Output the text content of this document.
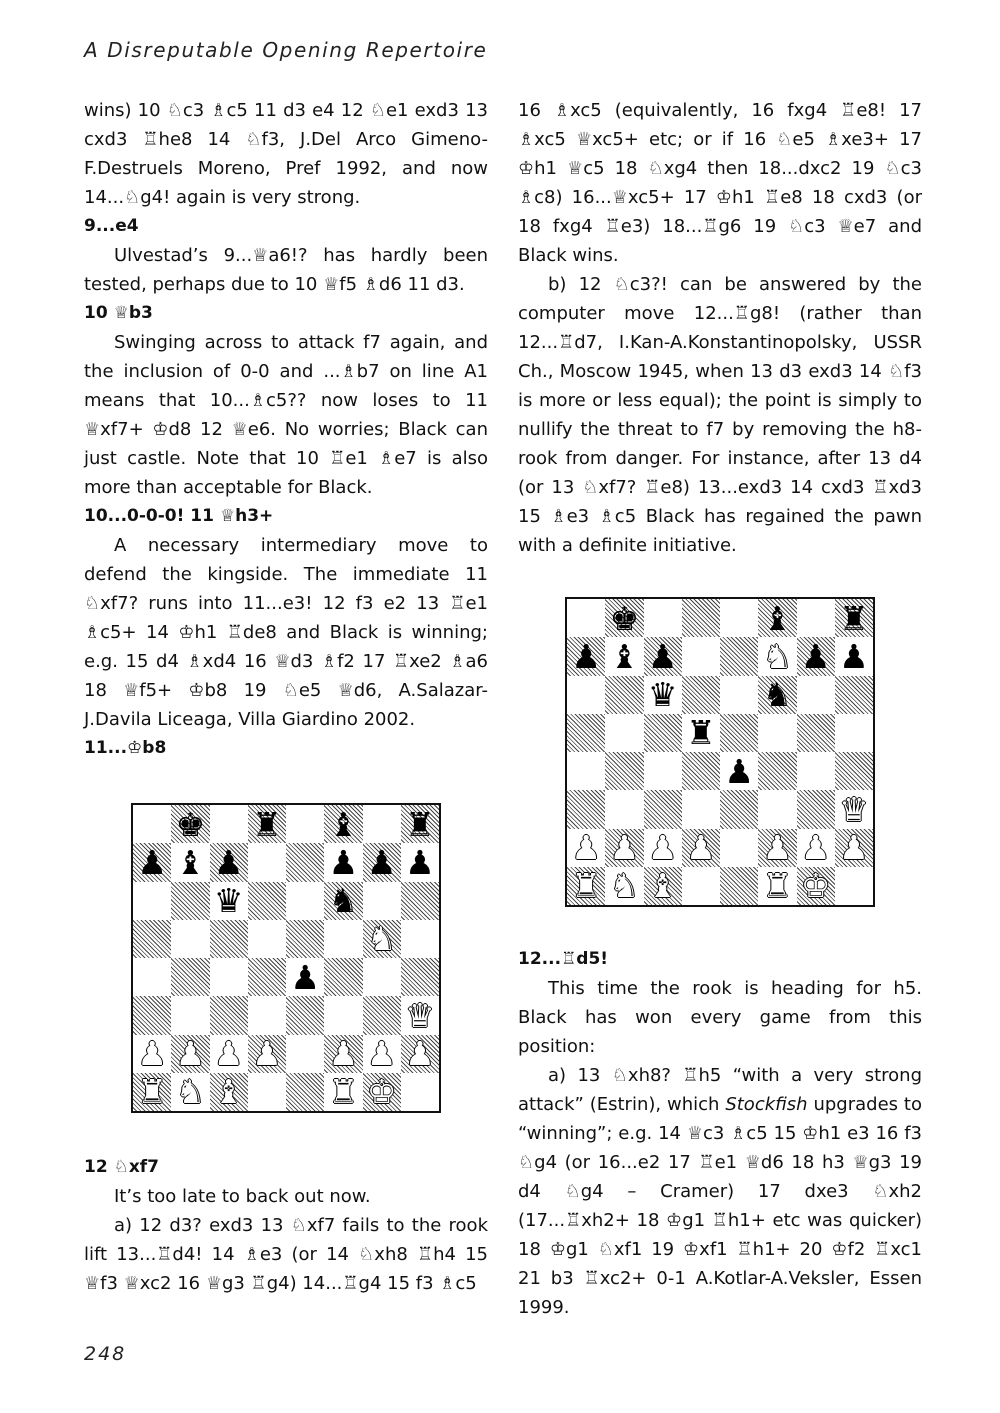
A Disreputable Opening Repertoire

wins) 10 ♘c3 ♗c5 11 d3 e4 12 ♘e1 exd3 13 cxd3 ♖he8 14 ♘f3, J.Del Arco Gimeno-F.Destruels Moreno, Pref 1992, and now 14...♘g4! again is very strong.

9...e4

Ulvestad’s 9...♕a6!? has hardly been tested, perhaps due to 10 ♕f5 ♗d6 11 d3.

10 ♕b3

Swinging across to attack f7 again, and the inclusion of 0-0 and ...♗b7 on line A1 means that 10...♗c5?? now loses to 11 ♕xf7+ ♔d8 12 ♕e6. No worries; Black can just castle. Note that 10 ♖e1 ♗e7 is also more than acceptable for Black.

10...0-0-0! 11 ♕h3+

A necessary intermediary move to defend the kingside. The immediate 11 ♘xf7? runs into 11...e3! 12 f3 e2 13 ♖e1 ♗c5+ 14 ♔h1 ♖de8 and Black is winning; e.g. 15 d4 ♗xd4 16 ♕d3 ♗f2 17 ♖xe2 ♗a6 18 ♕f5+ ♔b8 19 ♘e5 ♕d6, A.Salazar-J.Davila Liceaga, Villa Giardino 2002.

11...♔b8

♚ ♜ ♝ ♜
♟ ♝ ♟	♟ ♟ ♟
♛	♞
♞
♟
♛
♟ ♟ ♟ ♟ ♟ ♟ ♟
♜ ♞ ♝	♜ ♚

12 ♘xf7

It’s too late to back out now.

a) 12 d3? exd3 13 ♘xf7 fails to the rook lift 13...♖d4! 14 ♗e3 (or 14 ♘xh8 ♖h4 15 ♕f3 ♕xc2 16 ♕g3 ♖g4) 14...♖g4 15 f3 ♗c5

16 ♗xc5 (equivalently, 16 fxg4 ♖e8! 17 ♗xc5 ♕xc5+ etc; or if 16 ♘e5 ♗xe3+ 17 ♔h1 ♕c5 18 ♘xg4 then 18...dxc2 19 ♘c3 ♗c8) 16...♕xc5+ 17 ♔h1 ♖e8 18 cxd3 (or 18 fxg4 ♖e3) 18...♖g6 19 ♘c3 ♕e7 and Black wins.

b) 12 ♘c3?! can be answered by the computer move 12...♖g8! (rather than 12...♖d7, I.Kan-A.Konstantinopolsky, USSR Ch., Moscow 1945, when 13 d3 exd3 14 ♘f3 is more or less equal); the point is simply to nullify the threat to f7 by removing the h8-rook from danger. For instance, after 13 d4 (or 13 ♘xf7? ♖e8) 13...exd3 14 cxd3 ♖xd3 15 ♗e3 ♗c5 Black has regained the pawn with a definite initiative.

♚	♝ ♜
♟ ♝ ♟	♞ ♟ ♟
♛	♞
♜
♟
♛
♟ ♟ ♟ ♟ ♟ ♟ ♟
♜ ♞ ♝	♜ ♚

12...♖d5!

This time the rook is heading for h5. Black has won every game from this position:

a) 13 ♘xh8? ♖h5 “with a very strong attack” (Estrin), which Stockfish upgrades to “winning”; e.g. 14 ♕c3 ♗c5 15 ♔h1 e3 16 f3 ♘g4 (or 16...e2 17 ♖e1 ♕d6 18 h3 ♕g3 19 d4 ♘g4 – Cramer) 17 dxe3 ♘xh2 (17...♖xh2+ 18 ♔g1 ♖h1+ etc was quicker) 18 ♔g1 ♘xf1 19 ♔xf1 ♖h1+ 20 ♔f2 ♖xc1 21 b3 ♖xc2+ 0-1 A.Kotlar-A.Veksler, Essen 1999.

248
